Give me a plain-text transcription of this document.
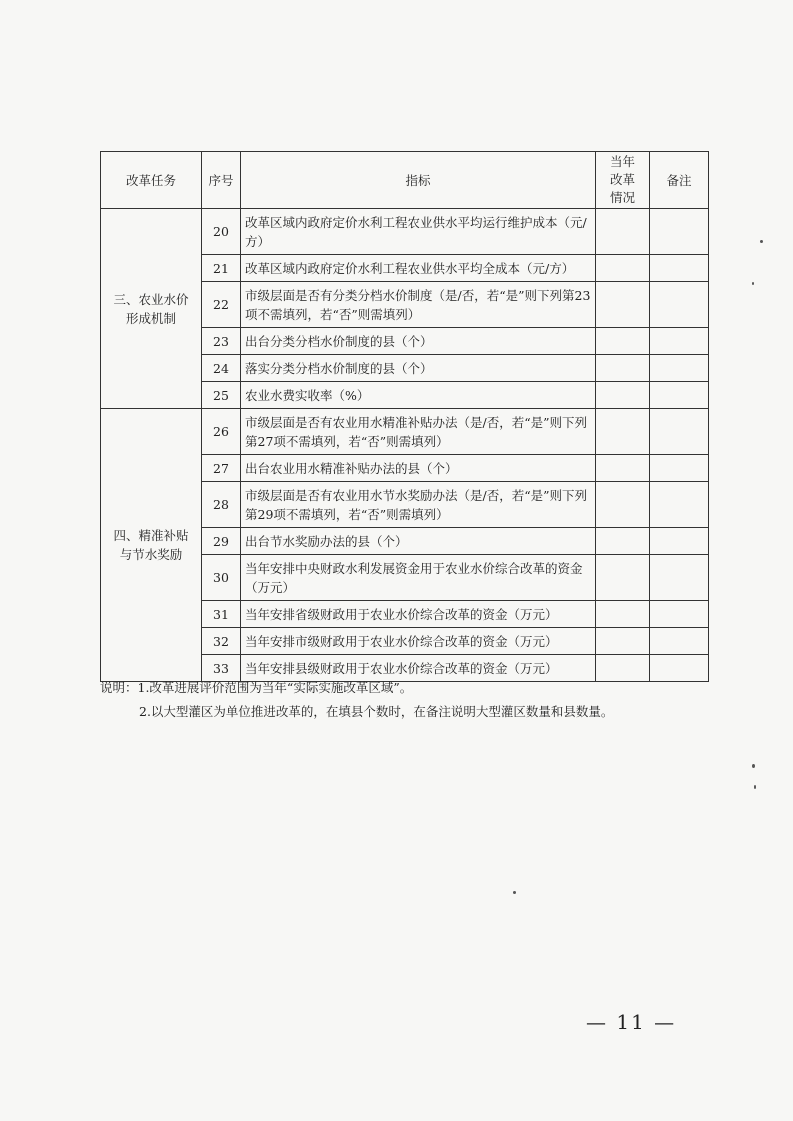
改革任务	序号	指标	当年改革情况	备注
三、农业水价形成机制	20	改革区域内政府定价水利工程农业供水平均运行维护成本（元/方）		
	21	改革区域内政府定价水利工程农业供水平均全成本（元/方）		
	22	市级层面是否有分类分档水价制度（是/否，若“是”则下列第23项不需填列，若“否”则需填列）		
	23	出台分类分档水价制度的县（个）		
	24	落实分类分档水价制度的县（个）		
	25	农业水费实收率（%）		
四、精准补贴与节水奖励	26	市级层面是否有农业用水精准补贴办法（是/否，若“是”则下列第27项不需填列，若“否”则需填列）		
	27	出台农业用水精准补贴办法的县（个）		
	28	市级层面是否有农业用水节水奖励办法（是/否，若“是”则下列第29项不需填列，若“否”则需填列）		
	29	出台节水奖励办法的县（个）		
	30	当年安排中央财政水利发展资金用于农业水价综合改革的资金（万元）		
	31	当年安排省级财政用于农业水价综合改革的资金（万元）		
	32	当年安排市级财政用于农业水价综合改革的资金（万元）		
	33	当年安排县级财政用于农业水价综合改革的资金（万元）		
说明：1.改革进展评价范围为当年“实际实施改革区域”。
2.以大型灌区为单位推进改革的，在填县个数时，在备注说明大型灌区数量和县数量。
— 11 —
